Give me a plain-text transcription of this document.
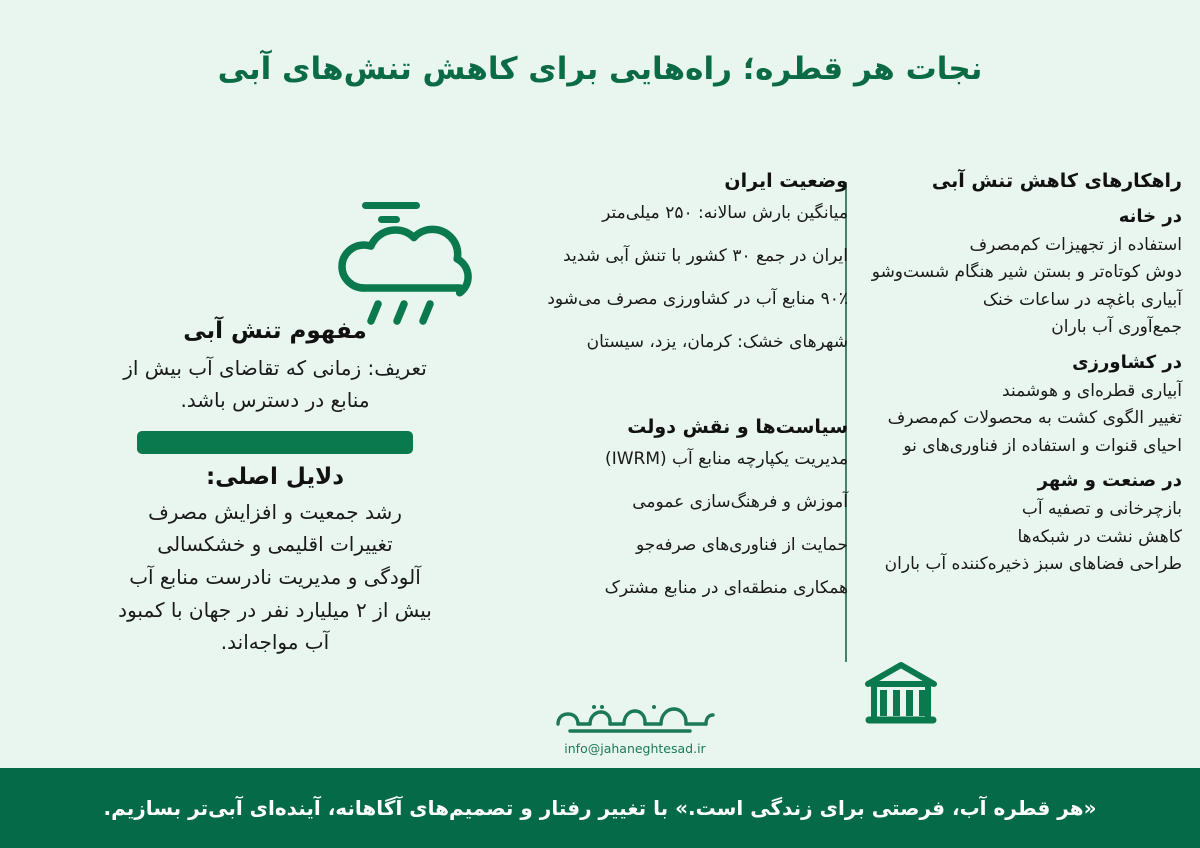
نجات هر قطره؛ راه‌هایی برای کاهش تنش‌های آبی
راهکارهای کاهش تنش آبی
در خانه

استفاده از تجهیزات کم‌مصرف

دوش کوتاه‌تر و بستن شیر هنگام شست‌وشو

آبیاری باغچه در ساعات خنک

جمع‌آوری آب باران

در کشاورزی

آبیاری قطره‌ای و هوشمند

تغییر الگوی کشت به محصولات کم‌مصرف

احیای قنوات و استفاده از فناوری‌های نو

در صنعت و شهر

بازچرخانی و تصفیه آب

کاهش نشت در شبکه‌ها

طراحی فضاهای سبز ذخیره‌کننده آب باران

وضعیت ایران

میانگین بارش سالانه: ۲۵۰ میلی‌متر

ایران در جمع ۳۰ کشور با تنش آبی شدید

۹۰٪ منابع آب در کشاورزی مصرف می‌شود

شهرهای خشک: کرمان، یزد، سیستان

سیاست‌ها و نقش دولت

مدیریت یکپارچه منابع آب (IWRM)

آموزش و فرهنگ‌سازی عمومی

حمایت از فناوری‌های صرفه‌جو

همکاری منطقه‌ای در منابع مشترک

مفهوم تنش آبی

تعریف: زمانی که تقاضای آب بیش از منابع در دسترس باشد.

دلایل اصلی:

رشد جمعیت و افزایش مصرف

تغییرات اقلیمی و خشکسالی

آلودگی و مدیریت نادرست منابع آب

بیش از ۲ میلیارد نفر در جهان با کمبود آب مواجه‌اند.

info@jahaneghtesad.ir
«هر قطره آب، فرصتی برای زندگی است.» با تغییر رفتار و تصمیم‌های آگاهانه، آینده‌ای آبی‌تر بسازیم.
